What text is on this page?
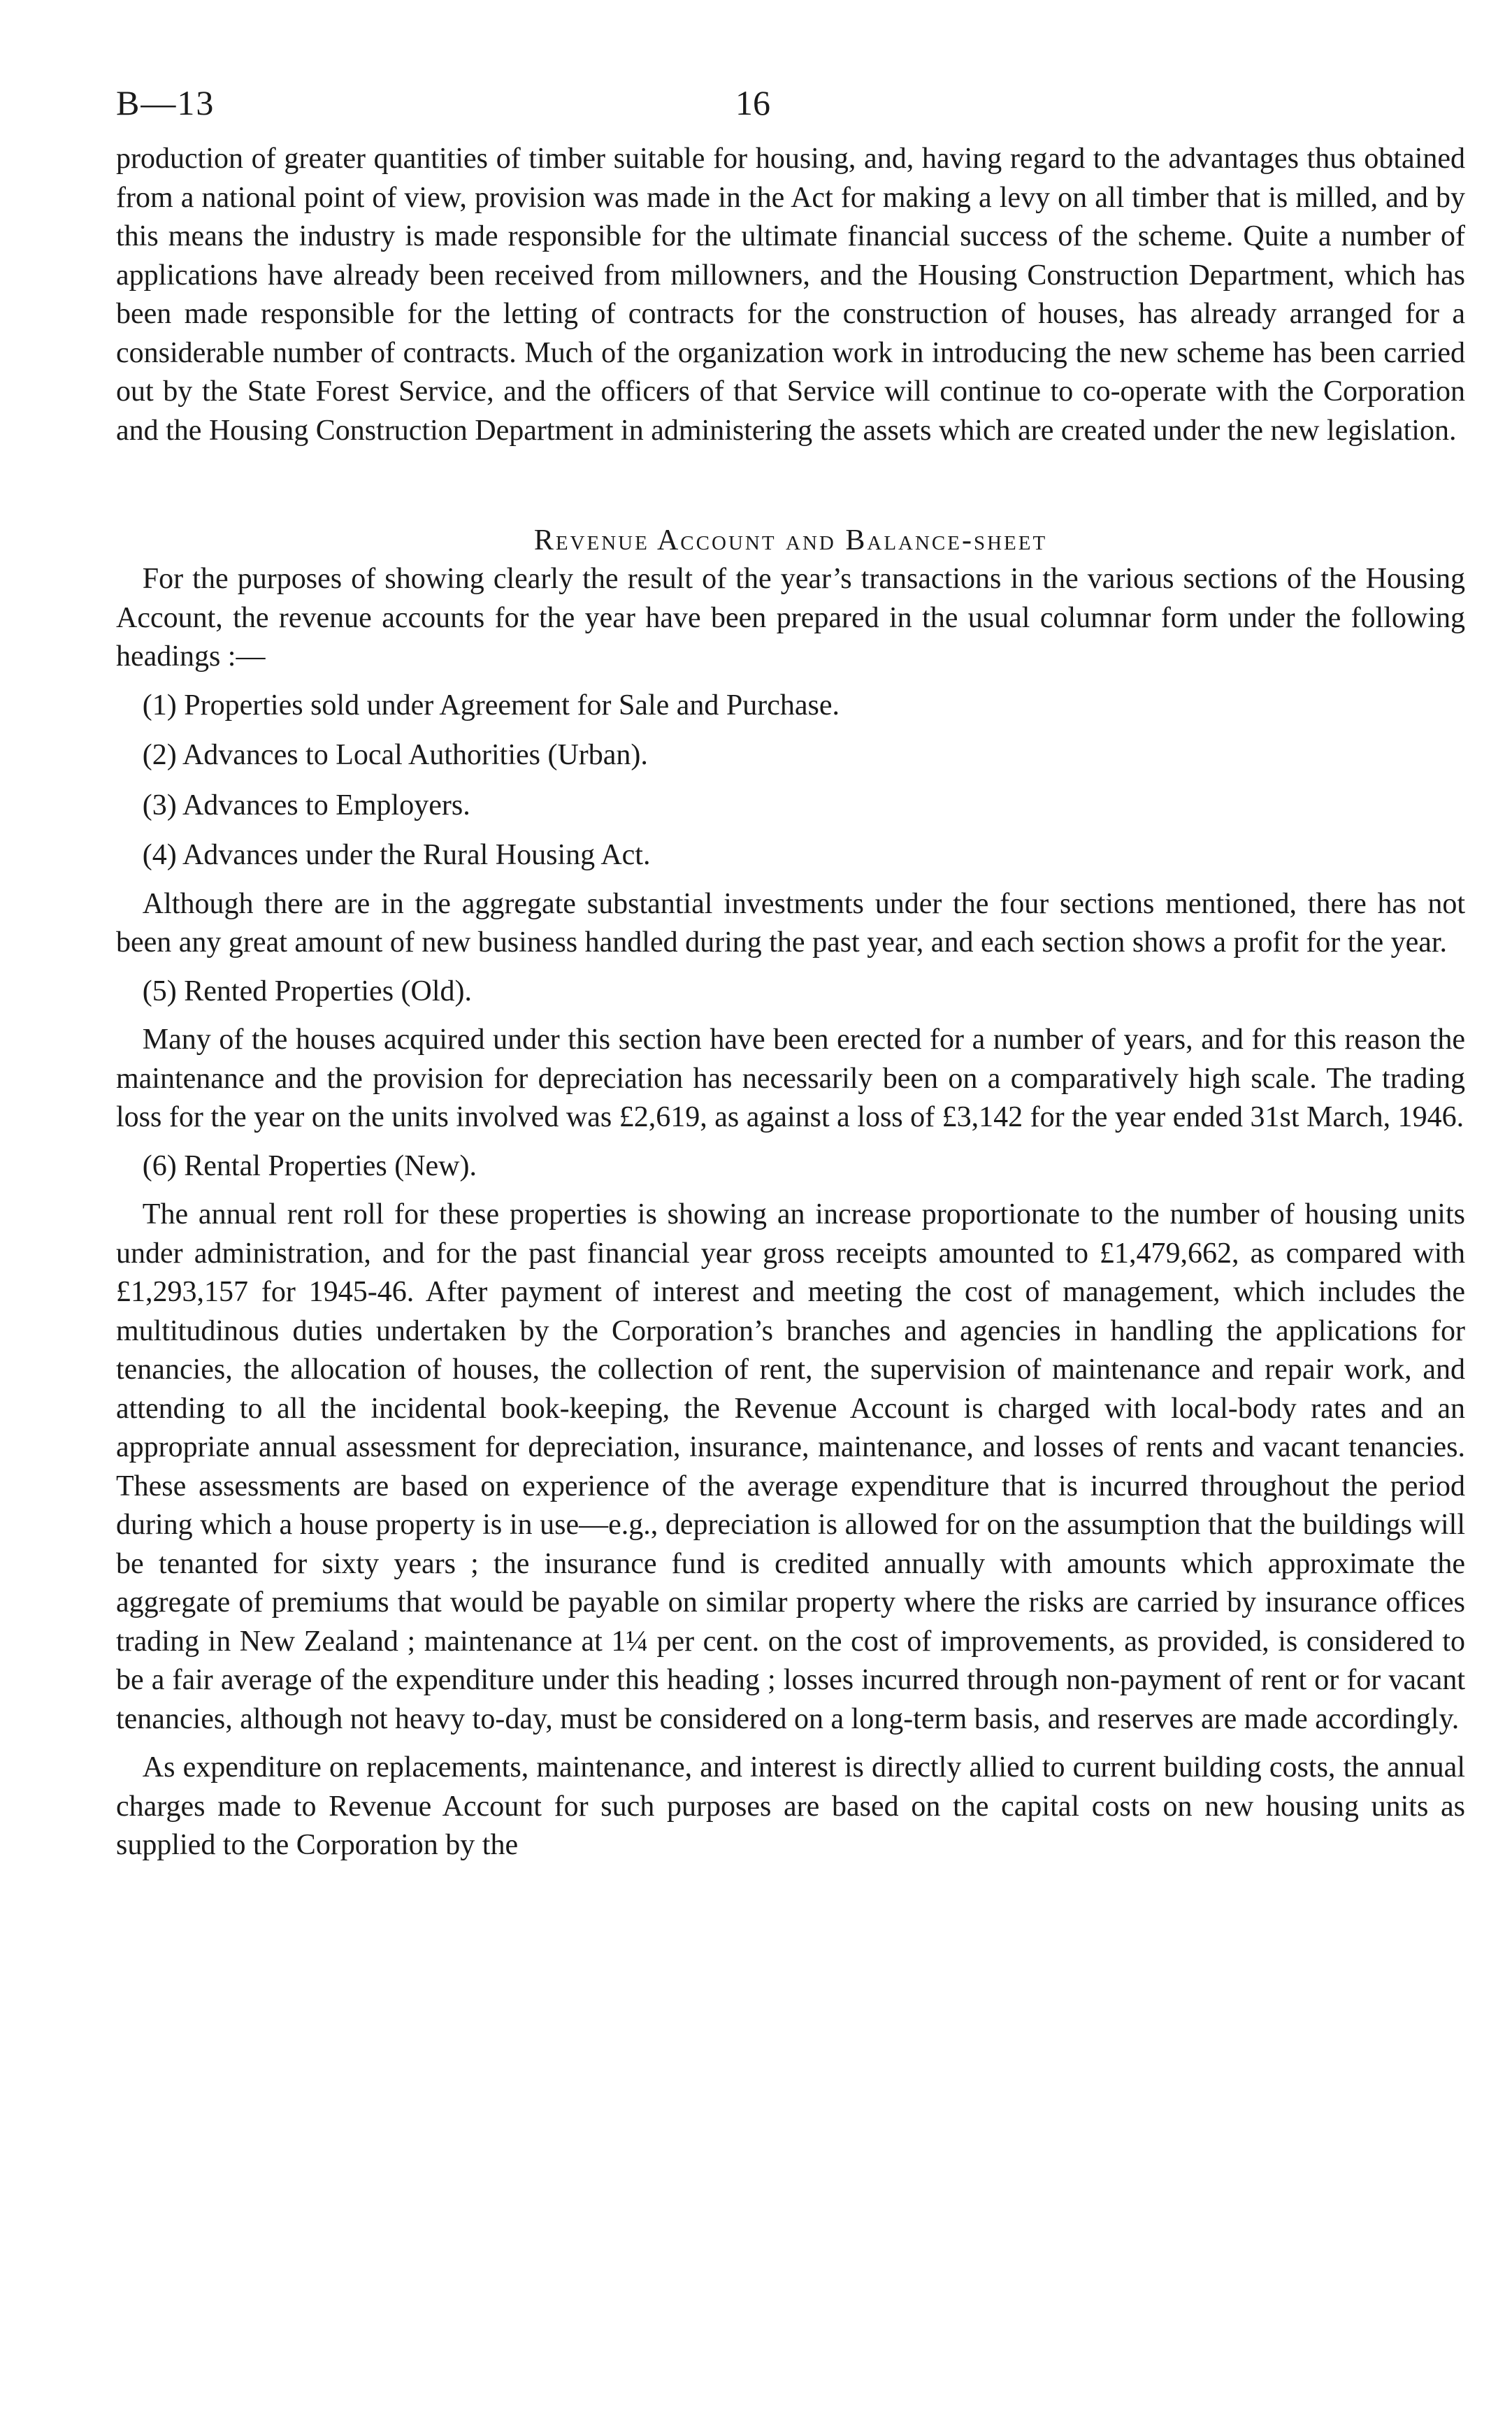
B—13	16

production of greater quantities of timber suitable for housing, and, having regard to the advantages thus obtained from a national point of view, provision was made in the Act for making a levy on all timber that is milled, and by this means the industry is made responsible for the ultimate financial success of the scheme. Quite a number of applications have already been received from millowners, and the Housing Construction Department, which has been made responsible for the letting of contracts for the construction of houses, has already arranged for a considerable number of contracts. Much of the organization work in introducing the new scheme has been carried out by the State Forest Service, and the officers of that Service will continue to co-operate with the Corporation and the Housing Construction Department in administering the assets which are created under the new legislation.

Revenue Account and Balance-sheet

For the purposes of showing clearly the result of the year’s transactions in the various sections of the Housing Account, the revenue accounts for the year have been prepared in the usual columnar form under the following headings :—

(1) Properties sold under Agreement for Sale and Purchase.

(2) Advances to Local Authorities (Urban).

(3) Advances to Employers.

(4) Advances under the Rural Housing Act.

Although there are in the aggregate substantial investments under the four sections mentioned, there has not been any great amount of new business handled during the past year, and each section shows a profit for the year.

(5) Rented Properties (Old).

Many of the houses acquired under this section have been erected for a number of years, and for this reason the maintenance and the provision for depreciation has necessarily been on a comparatively high scale. The trading loss for the year on the units involved was £2,619, as against a loss of £3,142 for the year ended 31st March, 1946.

(6) Rental Properties (New).

The annual rent roll for these properties is showing an increase proportionate to the number of housing units under administration, and for the past financial year gross receipts amounted to £1,479,662, as compared with £1,293,157 for 1945-46. After payment of interest and meeting the cost of management, which includes the multitudinous duties undertaken by the Corporation’s branches and agencies in handling the applications for tenancies, the allocation of houses, the collection of rent, the supervision of maintenance and repair work, and attending to all the incidental book-keeping, the Revenue Account is charged with local-body rates and an appropriate annual assessment for depreciation, insurance, maintenance, and losses of rents and vacant tenancies. These assessments are based on experience of the average expenditure that is incurred throughout the period during which a house property is in use—e.g., depreciation is allowed for on the assumption that the buildings will be tenanted for sixty years ; the insurance fund is credited annually with amounts which approximate the aggregate of premiums that would be payable on similar property where the risks are carried by insurance offices trading in New Zealand ; maintenance at 1¼ per cent. on the cost of improvements, as provided, is considered to be a fair average of the expenditure under this heading ; losses incurred through non-payment of rent or for vacant tenancies, although not heavy to-day, must be considered on a long-term basis, and reserves are made accordingly.

As expenditure on replacements, maintenance, and interest is directly allied to current building costs, the annual charges made to Revenue Account for such purposes are based on the capital costs on new housing units as supplied to the Corporation by the
